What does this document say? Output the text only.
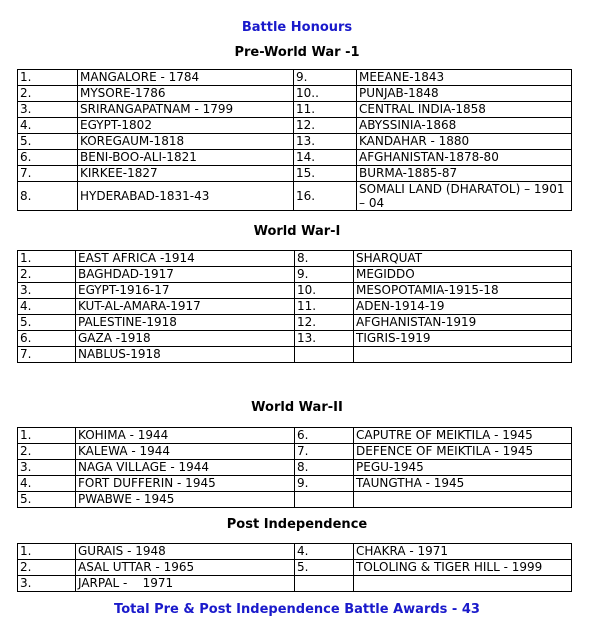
Battle Honours
Pre-World War -1
1.	MANGALORE - 1784	9.	MEEANE-1843
2.	MYSORE-1786	10..	PUNJAB-1848
3.	SRIRANGAPATNAM - 1799	11.	CENTRAL INDIA-1858
4.	EGYPT-1802	12.	ABYSSINIA-1868
5.	KOREGAUM-1818	13.	KANDAHAR - 1880
6.	BENI-BOO-ALI-1821	14.	AFGHANISTAN-1878-80
7.	KIRKEE-1827	15.	BURMA-1885-87
8.	HYDERABAD-1831-43	16.	SOMALI LAND (DHARATOL) – 1901 – 04
World War-I
1.	EAST AFRICA -1914	8.	SHARQUAT
2.	BAGHDAD-1917	9.	MEGIDDO
3.	EGYPT-1916-17	10.	MESOPOTAMIA-1915-18
4.	KUT-AL-AMARA-1917	11.	ADEN-1914-19
5.	PALESTINE-1918	12.	AFGHANISTAN-1919
6.	GAZA -1918	13.	TIGRIS-1919
7.	NABLUS-1918		
World War-II
1.	KOHIMA - 1944	6.	CAPUTRE OF MEIKTILA - 1945
2.	KALEWA - 1944	7.	DEFENCE OF MEIKTILA - 1945
3.	NAGA VILLAGE - 1944	8.	PEGU-1945
4.	FORT DUFFERIN - 1945	9.	TAUNGTHA - 1945
5.	PWABWE - 1945		
Post Independence
1.	GURAIS - 1948	4.	CHAKRA - 1971
2.	ASAL UTTAR - 1965	5.	TOLOLING & TIGER HILL - 1999
3.	JARPAL -    1971		
Total Pre & Post Independence Battle Awards - 43
